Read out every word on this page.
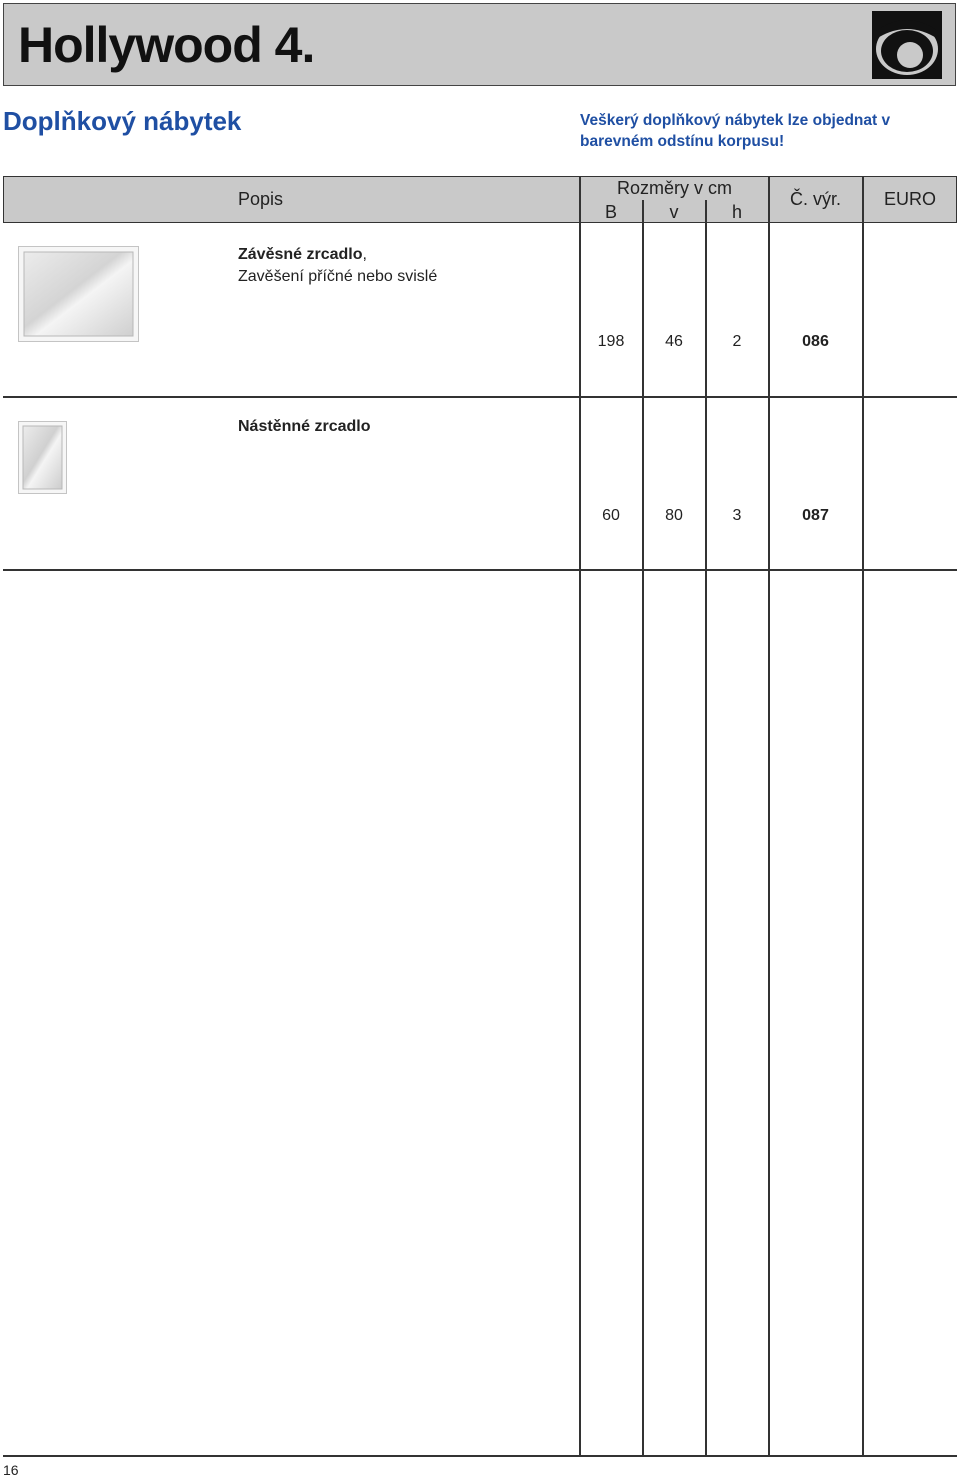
Hollywood 4.
Doplňkový nábytek	Veškerý doplňkový nábytek lze objednat v barevném odstínu korpusu!
Popis
Rozměry v cm
B	v	h
Č. výr.	EURO
Závěsné zrcadlo,
Zavěšení příčné nebo svislé
198	46	2	086
Nástěnné zrcadlo
60	80	3	087
16
